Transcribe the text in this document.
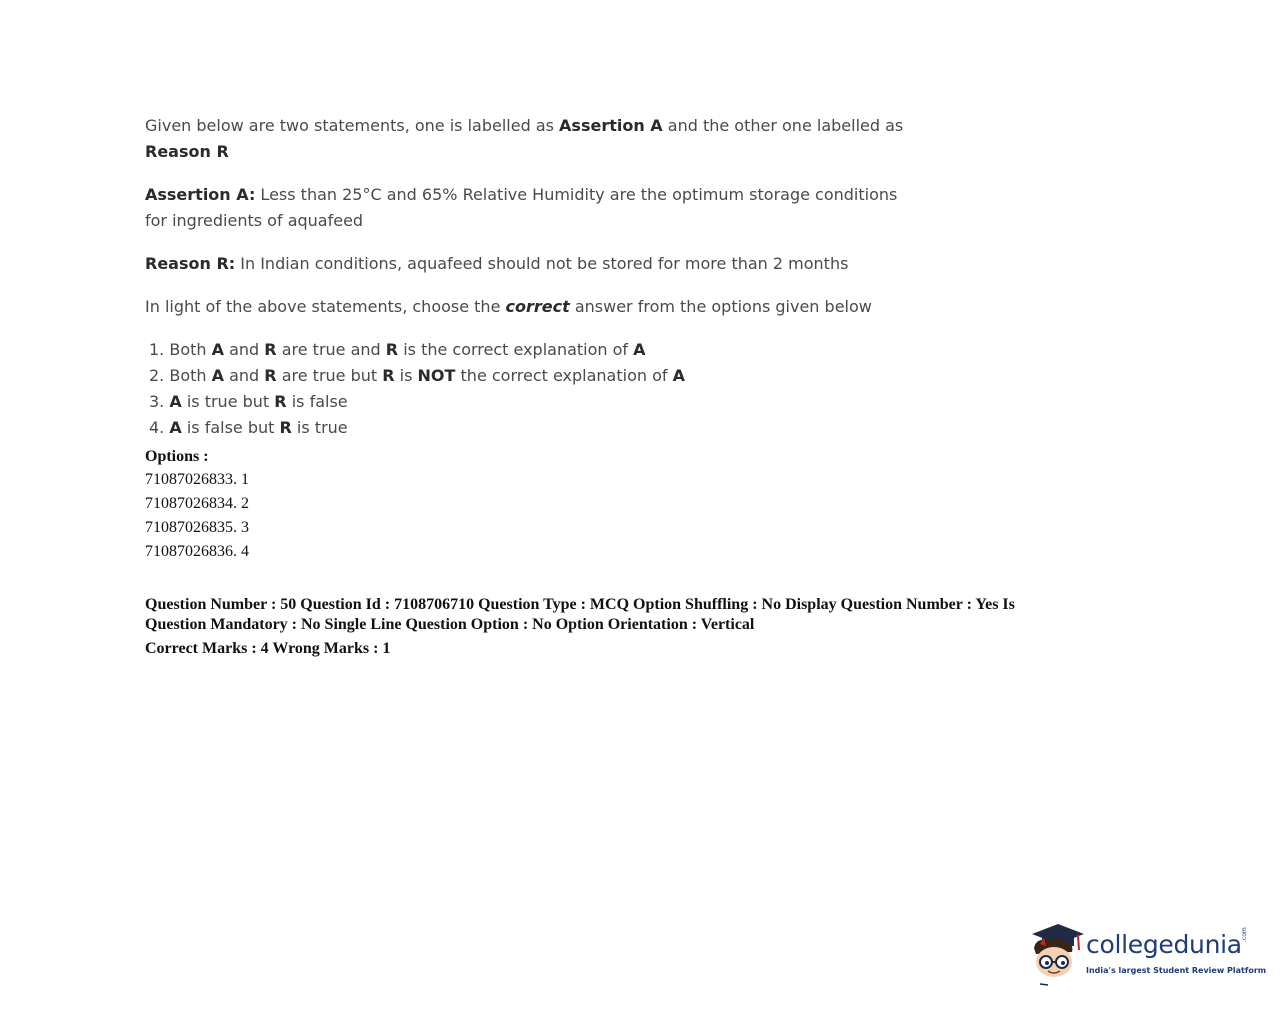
Given below are two statements, one is labelled as Assertion A and the other one labelled as
Reason R

Assertion A: Less than 25°C and 65% Relative Humidity are the optimum storage conditions for ingredients of aquafeed

Reason R: In Indian conditions, aquafeed should not be stored for more than 2 months

In light of the above statements, choose the correct answer from the options given below

1. Both A and R are true and R is the correct explanation of A
2. Both A and R are true but R is NOT the correct explanation of A
3. A is true but R is false
4. A is false but R is true
Options :
71087026833. 1
71087026834. 2
71087026835. 3
71087026836. 4
Question Number : 50 Question Id : 7108706710 Question Type : MCQ Option Shuffling : No Display Question Number : Yes Is
Question Mandatory : No Single Line Question Option : No Option Orientation : Vertical
Correct Marks : 4 Wrong Marks : 1
collegedunia .com
India's largest Student Review Platform
